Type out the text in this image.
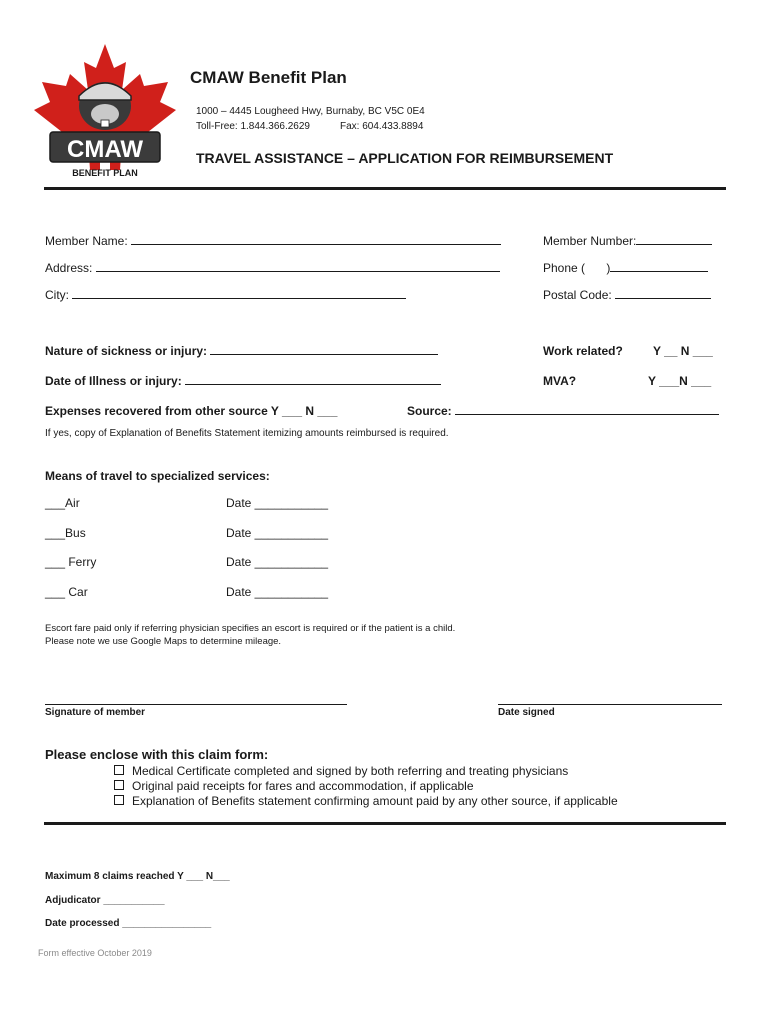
CMAW
BENEFIT PLAN
CMAW Benefit Plan
1000 – 4445 Lougheed Hwy, Burnaby, BC V5C 0E4
Toll-Free: 1.844.366.2629	Fax: 604.433.8894
TRAVEL ASSISTANCE – APPLICATION FOR REIMBURSEMENT
Member Name:	Member Number:
Address:	Phone ( )
City:	Postal Code:
Nature of sickness or injury:	Work related?	Y __ N ___
Date of Illness or injury:	MVA?	Y ___N ___
Expenses recovered from other source Y ___ N ___	Source:
If yes, copy of Explanation of Benefits Statement itemizing amounts reimbursed is required.
Means of travel to specialized services:
___Air	Date ___________
___Bus	Date ___________
___ Ferry	Date ___________
___ Car	Date ___________
Escort fare paid only if referring physician specifies an escort is required or if the patient is a child.
Please note we use Google Maps to determine mileage.
Signature of member	Date signed
Please enclose with this claim form:
Medical Certificate completed and signed by both referring and treating physicians
Original paid receipts for fares and accommodation, if applicable
Explanation of Benefits statement confirming amount paid by any other source, if applicable
Maximum 8 claims reached Y ___ N___
Adjudicator ___________
Date processed ________________
Form effective October 2019
